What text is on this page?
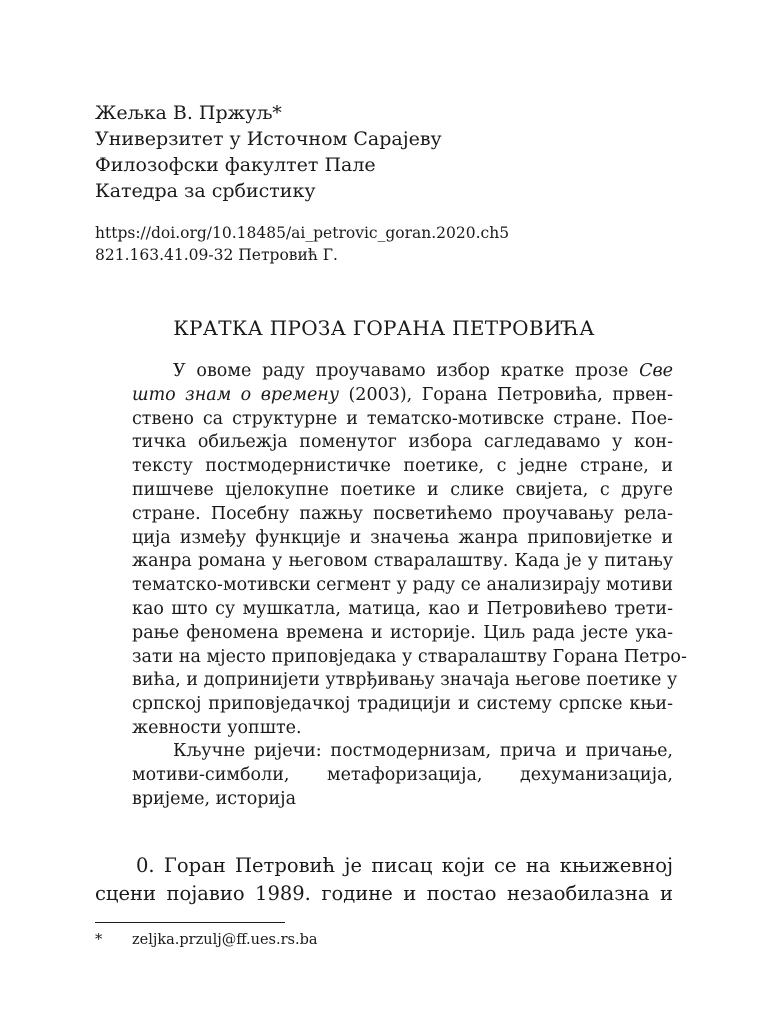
Жељка В. Пржуљ*
Универзитет у Источном Сарајеву
Филозофски факултет Пале
Катедра за србистику
https://doi.org/10.18485/ai_petrovic_goran.2020.ch5
821.163.41.09-32 Петровић Г.
КРАТКА ПРОЗА ГОРАНА ПЕТРОВИЋА
У овоме раду проучавамо избор кратке прозе Све
што знам о времену (2003), Горана Петровића, првен-
ствено са структурне и тематско-мотивске стране. Пое-
тичка обиљежја поменутог избора сагледавамо у кон-
тексту постмодернистичке поетике, с једне стране, и
пишчеве цјелокупне поетике и слике свијета, с друге
стране. Посебну пажњу посветићемо проучавању рела-
ција између функције и значења жанра приповијетке и
жанра романа у његовом стваралаштву. Када је у питању
тематско-мотивски сегмент у раду се анализирају мотиви
као што су мушкатла, матица, као и Петровићево трети-
рање феномена времена и историје. Циљ рада јесте ука-
зати на мјесто приповједака у стваралаштву Горана Петро-
вића, и допринијети утврђивању значаја његове поетике у
српској приповједачкој традицији и систему српске књи-
жевности уопште.
Кључне ријечи: постмодернизам, прича и причање,
мотиви-симболи, метафоризација, дехуманизација,
вријеме, историја
0. Горан Петровић је писац који се на књижевној
сцени појавио 1989. године и постао незаобилазна и
* zeljka.przulj@ff.ues.rs.ba
